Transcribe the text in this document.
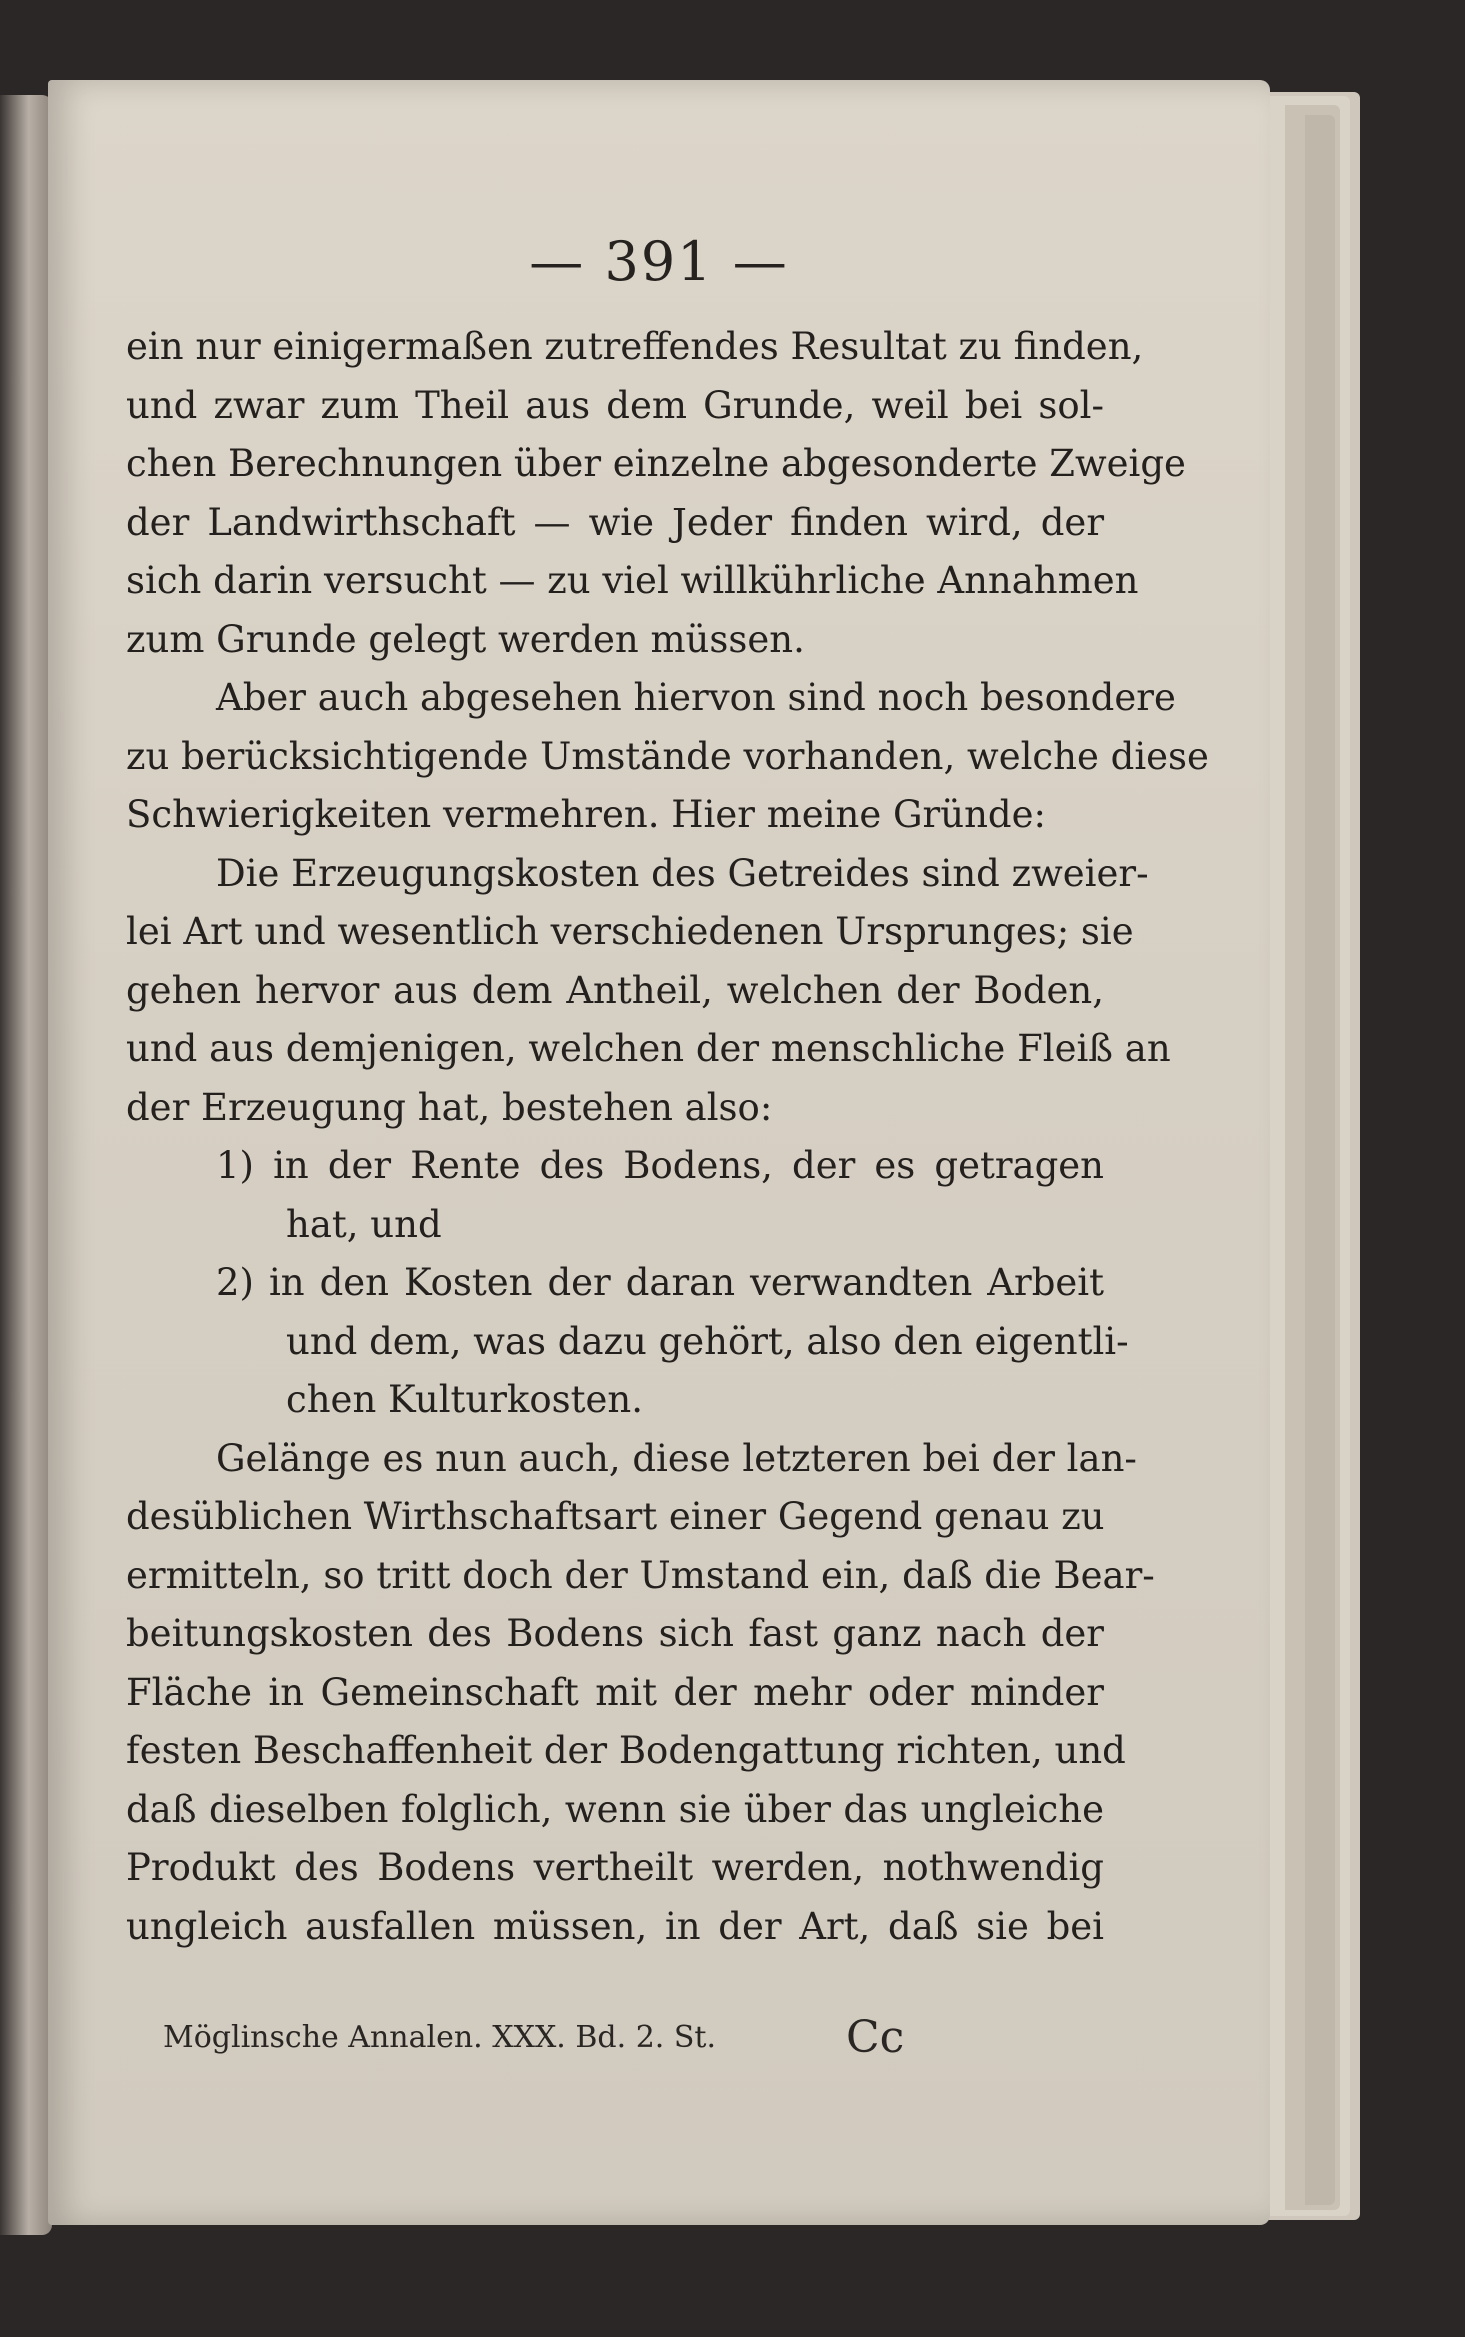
— 391 —
ein nur einigermaßen zutreffendes Resultat zu finden,
und zwar zum Theil aus dem Grunde, weil bei sol-
chen Berechnungen über einzelne abgesonderte Zweige
der Landwirthschaft — wie Jeder finden wird, der
sich darin versucht — zu viel willkührliche Annahmen
zum Grunde gelegt werden müssen.
Aber auch abgesehen hiervon sind noch besondere
zu berücksichtigende Umstände vorhanden, welche diese
Schwierigkeiten vermehren. Hier meine Gründe:
Die Erzeugungskosten des Getreides sind zweier-
lei Art und wesentlich verschiedenen Ursprunges; sie
gehen hervor aus dem Antheil, welchen der Boden,
und aus demjenigen, welchen der menschliche Fleiß an
der Erzeugung hat, bestehen also:
1) in der Rente des Bodens, der es getragen
hat, und
2) in den Kosten der daran verwandten Arbeit
und dem, was dazu gehört, also den eigentli-
chen Kulturkosten.
Gelänge es nun auch, diese letzteren bei der lan-
desüblichen Wirthschaftsart einer Gegend genau zu
ermitteln, so tritt doch der Umstand ein, daß die Bear-
beitungskosten des Bodens sich fast ganz nach der
Fläche in Gemeinschaft mit der mehr oder minder
festen Beschaffenheit der Bodengattung richten, und
daß dieselben folglich, wenn sie über das ungleiche
Produkt des Bodens vertheilt werden, nothwendig
ungleich ausfallen müssen, in der Art, daß sie bei
Möglinsche Annalen. XXX. Bd. 2. St.	Cc
